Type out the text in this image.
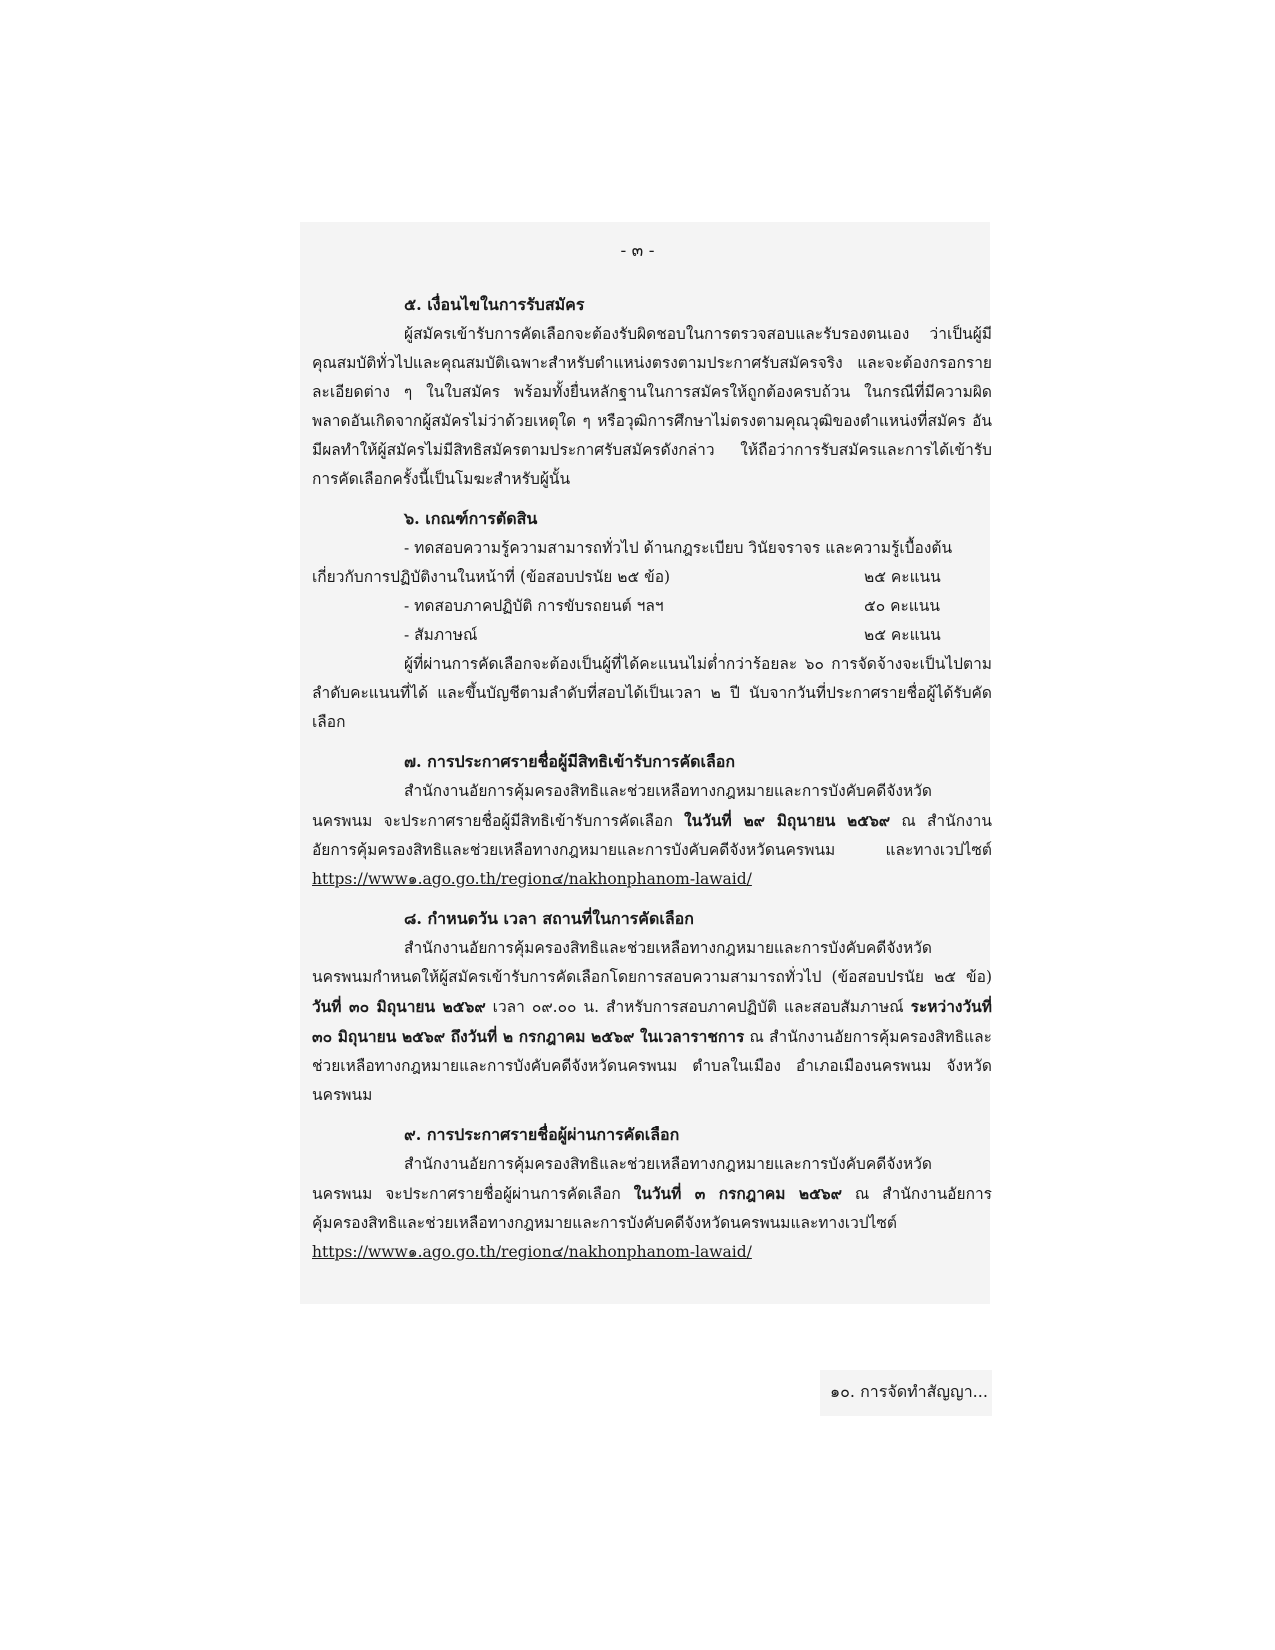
- ๓ -
๕. เงื่อนไขในการรับสมัคร

ผู้สมัครเข้ารับการคัดเลือกจะต้องรับผิดชอบในการตรวจสอบและรับรองตนเอง ว่าเป็นผู้มีคุณสมบัติทั่วไปและคุณสมบัติเฉพาะสำหรับตำแหน่งตรงตามประกาศรับสมัครจริง และจะต้องกรอกรายละเอียดต่าง ๆ ในใบสมัคร พร้อมทั้งยื่นหลักฐานในการสมัครให้ถูกต้องครบถ้วน ในกรณีที่มีความผิดพลาดอันเกิดจากผู้สมัครไม่ว่าด้วยเหตุใด ๆ หรือวุฒิการศึกษาไม่ตรงตามคุณวุฒิของตำแหน่งที่สมัคร อันมีผลทำให้ผู้สมัครไม่มีสิทธิสมัครตามประกาศรับสมัครดังกล่าว ให้ถือว่าการรับสมัครและการได้เข้ารับการคัดเลือกครั้งนี้เป็นโมฆะสำหรับผู้นั้น

๖. เกณฑ์การตัดสิน
- ทดสอบความรู้ความสามารถทั่วไป ด้านกฎระเบียบ วินัยจราจร และความรู้เบื้องต้น
เกี่ยวกับการปฏิบัติงานในหน้าที่ (ข้อสอบปรนัย ๒๕ ข้อ)	๒๕ คะแนน
- ทดสอบภาคปฏิบัติ การขับรถยนต์ ฯลฯ	๕๐ คะแนน
- สัมภาษณ์	๒๕ คะแนน

ผู้ที่ผ่านการคัดเลือกจะต้องเป็นผู้ที่ได้คะแนนไม่ต่ำกว่าร้อยละ ๖๐ การจัดจ้างจะเป็นไปตามลำดับคะแนนที่ได้ และขึ้นบัญชีตามลำดับที่สอบได้เป็นเวลา ๒ ปี นับจากวันที่ประกาศรายชื่อผู้ได้รับคัดเลือก

๗. การประกาศรายชื่อผู้มีสิทธิเข้ารับการคัดเลือก

สำนักงานอัยการคุ้มครองสิทธิและช่วยเหลือทางกฎหมายและการบังคับคดีจังหวัดนครพนม จะประกาศรายชื่อผู้มีสิทธิเข้ารับการคัดเลือก ในวันที่ ๒๙ มิถุนายน ๒๕๖๙ ณ สำนักงานอัยการคุ้มครองสิทธิและช่วยเหลือทางกฎหมายและการบังคับคดีจังหวัดนครพนม และทางเวปไซต์ https://www๑.ago.go.th/region๔/nakhonphanom-lawaid/

๘. กำหนดวัน เวลา สถานที่ในการคัดเลือก

สำนักงานอัยการคุ้มครองสิทธิและช่วยเหลือทางกฎหมายและการบังคับคดีจังหวัดนครพนมกำหนดให้ผู้สมัครเข้ารับการคัดเลือกโดยการสอบความสามารถทั่วไป (ข้อสอบปรนัย ๒๕ ข้อ) วันที่ ๓๐ มิถุนายน ๒๕๖๙ เวลา ๐๙.๐๐ น. สำหรับการสอบภาคปฏิบัติ และสอบสัมภาษณ์ ระหว่างวันที่ ๓๐ มิถุนายน ๒๕๖๙ ถึงวันที่ ๒ กรกฎาคม ๒๕๖๙ ในเวลาราชการ ณ สำนักงานอัยการคุ้มครองสิทธิและช่วยเหลือทางกฎหมายและการบังคับคดีจังหวัดนครพนม ตำบลในเมือง อำเภอเมืองนครพนม จังหวัดนครพนม

๙. การประกาศรายชื่อผู้ผ่านการคัดเลือก

สำนักงานอัยการคุ้มครองสิทธิและช่วยเหลือทางกฎหมายและการบังคับคดีจังหวัดนครพนม จะประกาศรายชื่อผู้ผ่านการคัดเลือก ในวันที่ ๓ กรกฎาคม ๒๕๖๙ ณ สำนักงานอัยการคุ้มครองสิทธิและช่วยเหลือทางกฎหมายและการบังคับคดีจังหวัดนครพนมและทางเวปไซต์ https://www๑.ago.go.th/region๔/nakhonphanom-lawaid/

๑๐. การจัดทำสัญญา...
